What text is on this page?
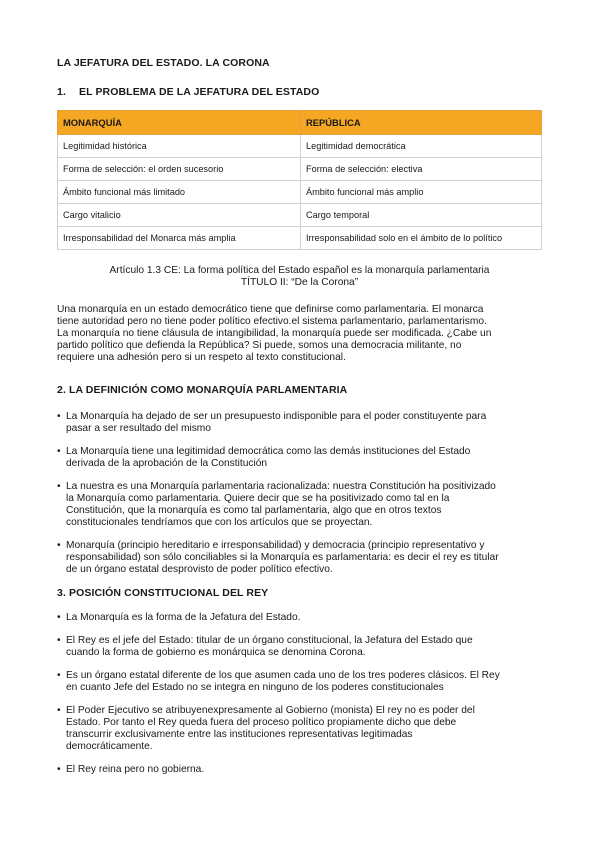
LA JEFATURA DEL ESTADO. LA CORONA
1. EL PROBLEMA DE LA JEFATURA DEL ESTADO
MONARQUÍA	REPÚBLICA
Legitimidad histórica	Legitimidad democrática
Forma de selección: el orden sucesorio	Forma de selección: electiva
Ámbito funcional más limitado	Ámbito funcional más amplio
Cargo vitalicio	Cargo temporal
Irresponsabilidad del Monarca más amplia	Irresponsabilidad solo en el ámbito de lo político
Artículo 1.3 CE: La forma política del Estado español es la monarquía parlamentaria
TÍTULO II: “De la Corona”
Una monarquía en un estado democrático tiene que definirse como parlamentaria. El monarca
tiene autoridad pero no tiene poder político efectivo.el sistema parlamentario, parlamentarismo.
La monarquía no tiene cláusula de intangibilidad, la monarquía puede ser modificada. ¿Cabe un
partido político que defienda la República? Si puede, somos una democracia militante, no
requiere una adhesión pero si un respeto al texto constitucional.
2. LA DEFINICIÓN COMO MONARQUÍA PARLAMENTARIA
• La Monarquía ha dejado de ser un presupuesto indisponible para el poder constituyente para
pasar a ser resultado del mismo
• La Monarquía tiene una legitimidad democrática como las demás instituciones del Estado
derivada de la aprobación de la Constitución
• La nuestra es una Monarquía parlamentaria racionalizada: nuestra Constitución ha positivizado
la Monarquía como parlamentaria. Quiere decir que se ha positivizado como tal en la
Constitución, que la monarquía es como tal parlamentaria, algo que en otros textos
constitucionales tendríamos que con los artículos que se proyectan.
• Monarquía (principio hereditario e irresponsabilidad) y democracia (principio representativo y
responsabilidad) son sólo conciliables si la Monarquía es parlamentaria: es decir el rey es titular
de un órgano estatal desprovisto de poder político efectivo.
3. POSICIÓN CONSTITUCIONAL DEL REY
• La Monarquía es la forma de la Jefatura del Estado.
• El Rey es el jefe del Estado: titular de un órgano constitucional, la Jefatura del Estado que
cuando la forma de gobierno es monárquica se denomina Corona.
• Es un órgano estatal diferente de los que asumen cada uno de los tres poderes clásicos. El Rey
en cuanto Jefe del Estado no se integra en ninguno de los poderes constitucionales
• El Poder Ejecutivo se atribuyenexpresamente al Gobierno (monista) El rey no es poder del
Estado. Por tanto el Rey queda fuera del proceso político propiamente dicho que debe
transcurrir exclusivamente entre las instituciones representativas legitimadas
democráticamente.
• El Rey reina pero no gobierna.
